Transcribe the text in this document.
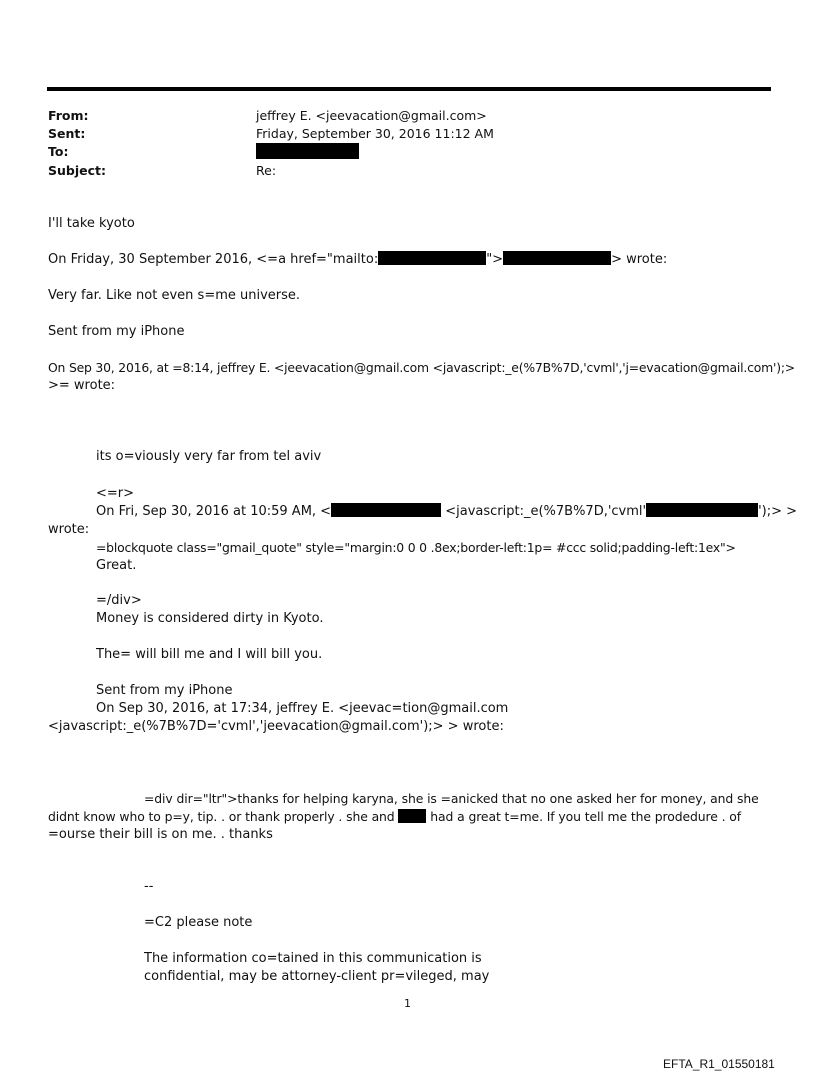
From:	jeffrey E. <jeevacation@gmail.com>
Sent:	Friday, September 30, 2016 11:12 AM
To:
Subject:	Re:
I'll take kyoto
On Friday, 30 September 2016, <=a href="mailto:	">	> wrote:
Very far. Like not even s=me universe.
Sent from my iPhone
On Sep 30, 2016, at =8:14, jeffrey E. <jeevacation@gmail.com <javascript:_e(%7B%7D,'cvml','j=evacation@gmail.com');>
>= wrote:
its o=viously very far from tel aviv
<=r>
On Fri, Sep 30, 2016 at 10:59 AM, <	<javascript:_e(%7B%7D,'cvml'	');> >
wrote:
=blockquote class="gmail_quote" style="margin:0 0 0 .8ex;border-left:1p= #ccc solid;padding-left:1ex">
Great.
=/div>
Money is considered dirty in Kyoto.
The= will bill me and I will bill you.
Sent from my iPhone
On Sep 30, 2016, at 17:34, jeffrey E. <jeevac=tion@gmail.com
<javascript:_e(%7B%7D='cvml','jeevacation@gmail.com');> > wrote:
=div dir="ltr">thanks for helping karyna, she is =anicked that no one asked her for money, and she
didnt know who to p=y, tip. . or thank properly . she and	had a great t=me. If you tell me the prodedure . of
=ourse their bill is on me. . thanks
--
=C2 please note
The information co=tained in this communication is
confidential, may be attorney-client pr=vileged, may
1
EFTA_R1_01550181
